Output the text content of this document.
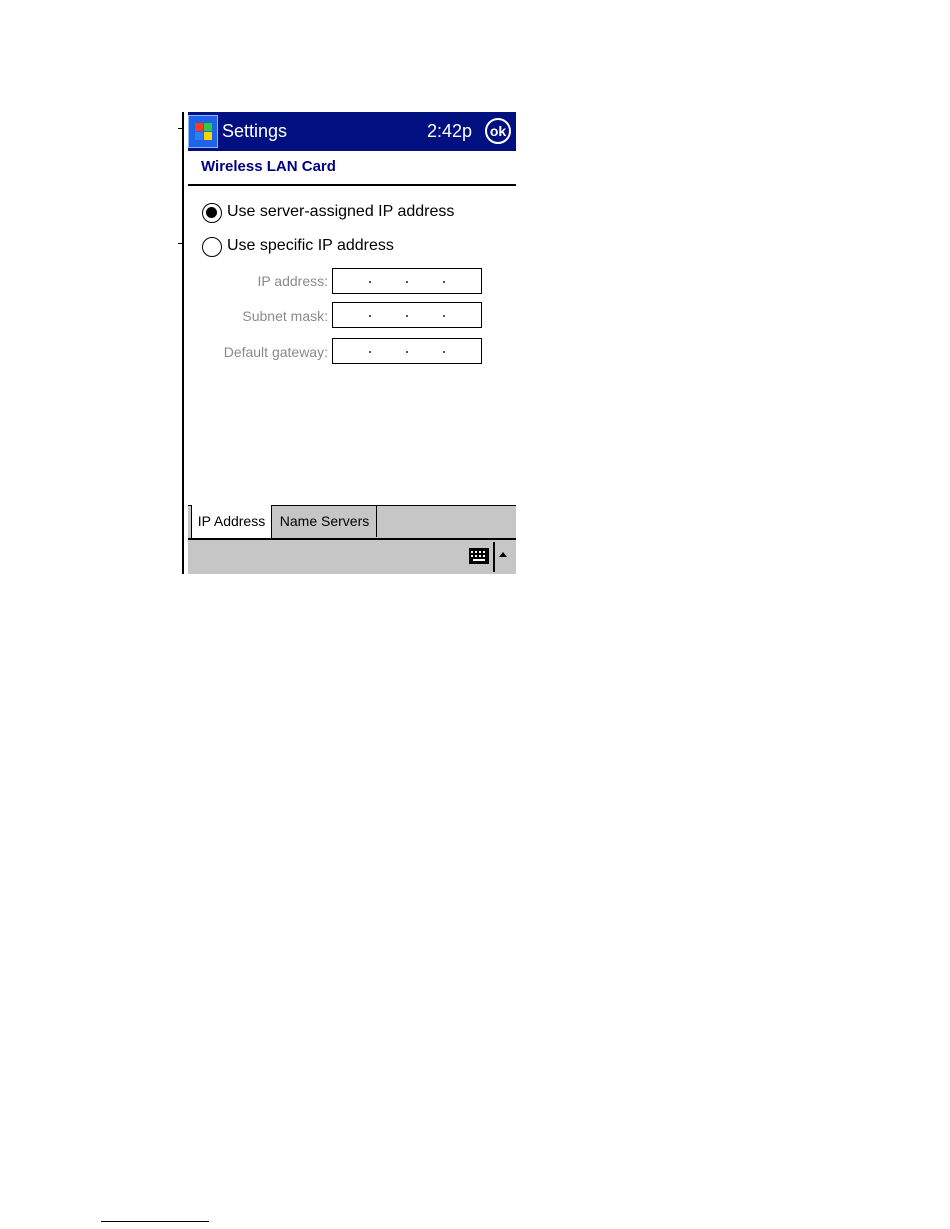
Settings	2:42p	ok
Wireless LAN Card
Use server-assigned IP address
Use specific IP address
IP address:
Subnet mask:
Default gateway:
IP Address	Name Servers
